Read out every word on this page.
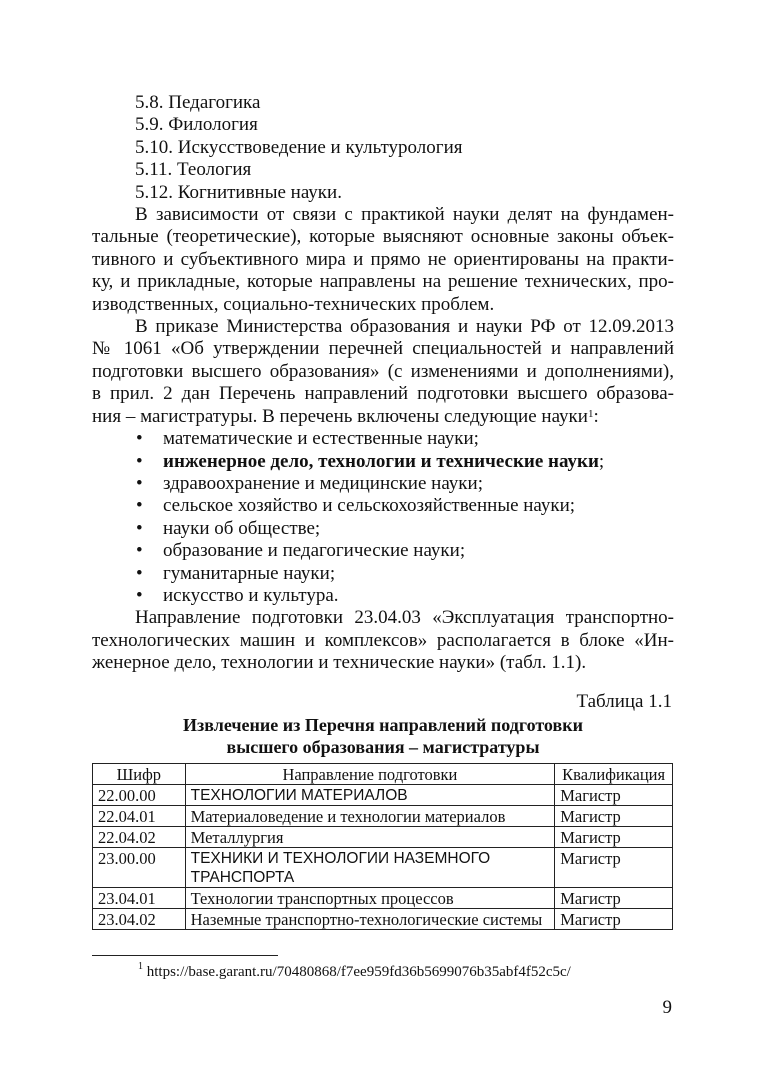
5.8. Педагогика
5.9. Филология
5.10. Искусствоведение и культурология
5.11. Теология
5.12. Когнитивные науки.
В зависимости от связи с практикой науки делят на фундамен-
тальные (теоретические), которые выясняют основные законы объек-
тивного и субъективного мира и прямо не ориентированы на практи-
ку, и прикладные, которые направлены на решение технических, про-
изводственных, социально-технических проблем.
В приказе Министерства образования и науки РФ от 12.09.2013
№ 1061 «Об утверждении перечней специальностей и направлений
подготовки высшего образования» (с изменениями и дополнениями),
в прил. 2 дан Перечень направлений подготовки высшего образова-
ния – магистратуры. В перечень включены следующие науки$^1$:
• математические и естественные науки;
• инженерное дело, технологии и технические науки;
• здравоохранение и медицинские науки;
• сельское хозяйство и сельскохозяйственные науки;
• науки об обществе;
• образование и педагогические науки;
• гуманитарные науки;
• искусство и культура.
Направление подготовки 23.04.03 «Эксплуатация транспортно-
технологических машин и комплексов» располагается в блоке «Ин-
женерное дело, технологии и технические науки» (табл. 1.1).
Таблица 1.1
Извлечение из Перечня направлений подготовки
высшего образования – магистратуры
Шифр	Направление подготовки	Квалификация
22.00.00	ТЕХНОЛОГИИ МАТЕРИАЛОВ	Магистр
22.04.01	Материаловедение и технологии материалов	Магистр
22.04.02	Металлургия	Магистр
23.00.00	ТЕХНИКИ И ТЕХНОЛОГИИ НАЗЕМНОГО
ТРАНСПОРТА	Магистр
23.04.01	Технологии транспортных процессов	Магистр
23.04.02	Наземные транспортно-технологические системы	Магистр
$^1$ https://base.garant.ru/70480868/f7ee959fd36b5699076b35abf4f52c5c/
9
